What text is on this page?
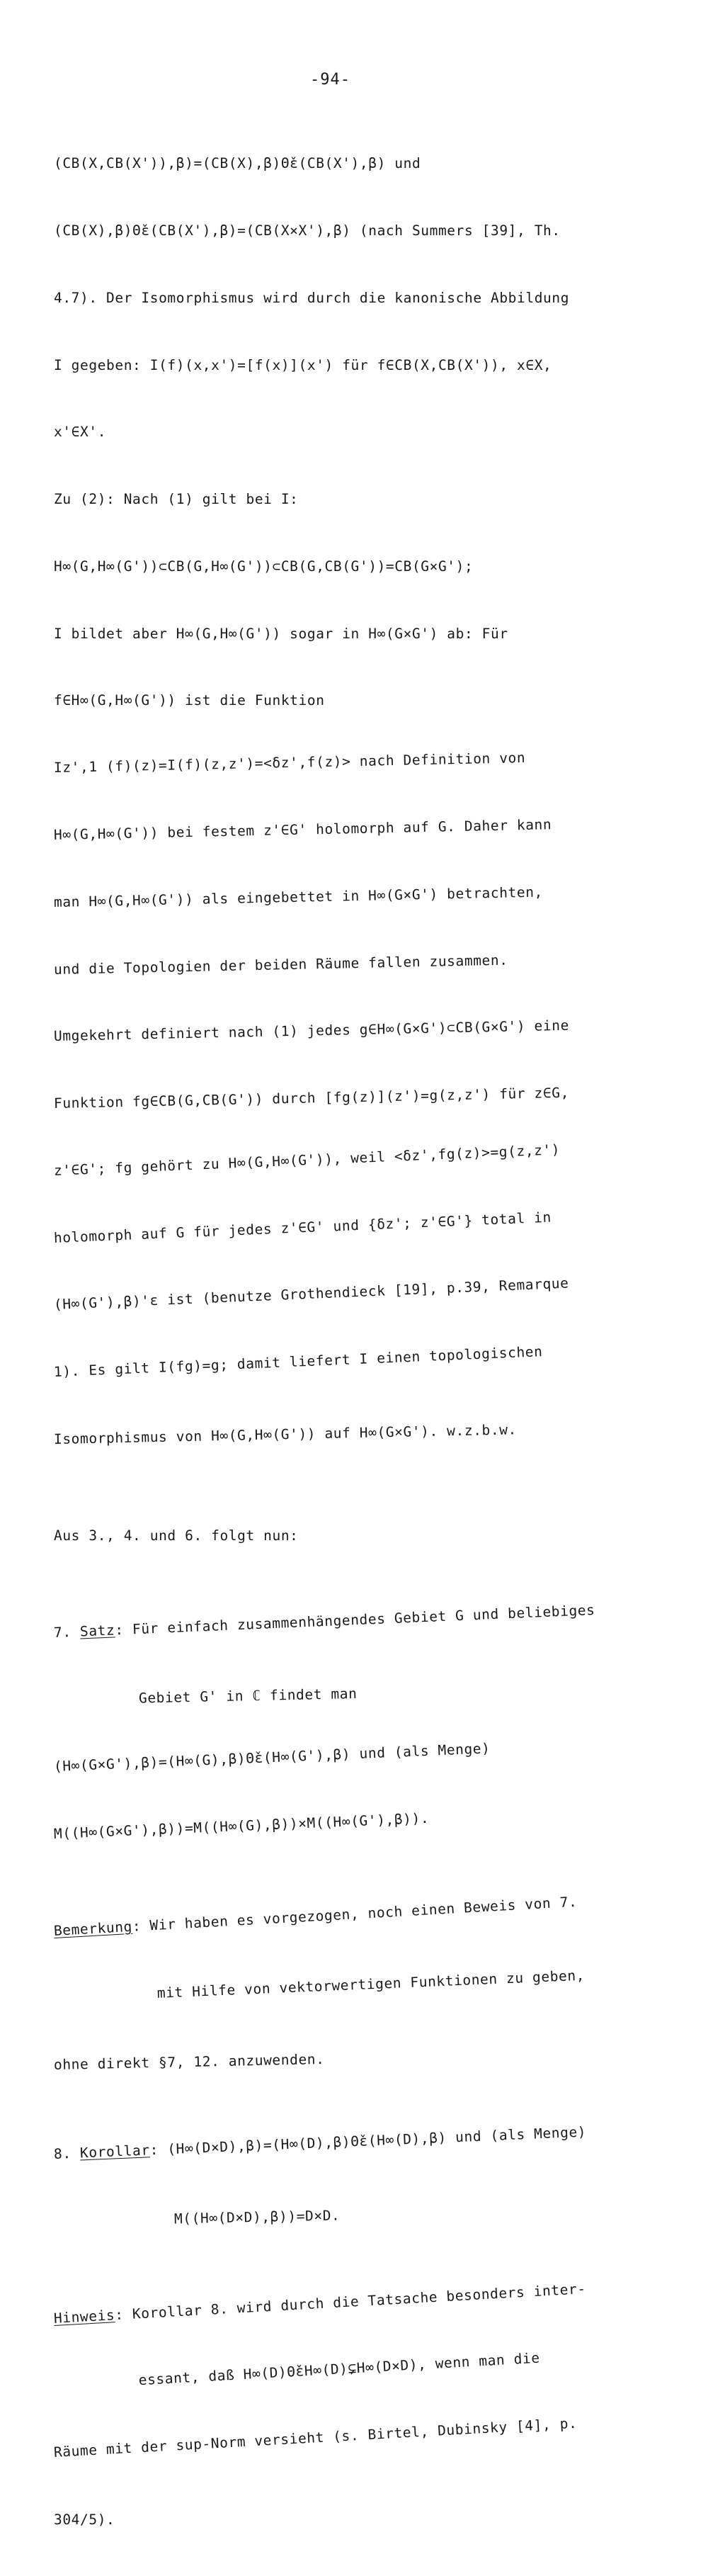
-94-

(CB(X,CB(X')),β)=(CB(X),β)Θ̌ε(CB(X'),β) und

(CB(X),β)Θ̌ε(CB(X'),β)=(CB(X×X'),β) (nach Summers [39], Th.

4.7). Der Isomorphismus wird durch die kanonische Abbildung

I gegeben: I(f)(x,x')=[f(x)](x') für f∈CB(X,CB(X')), x∈X,

x'∈X'.

Zu (2): Nach (1) gilt bei I:

H∞(G,H∞(G'))⊂CB(G,H∞(G'))⊂CB(G,CB(G'))=CB(G×G');

I bildet aber H∞(G,H∞(G')) sogar in H∞(G×G') ab: Für

f∈H∞(G,H∞(G')) ist die Funktion

Iz',1 (f)(z)=I(f)(z,z')=<δz',f(z)> nach Definition von

H∞(G,H∞(G')) bei festem z'∈G' holomorph auf G. Daher kann

man H∞(G,H∞(G')) als eingebettet in H∞(G×G') betrachten,

und die Topologien der beiden Räume fallen zusammen.

Umgekehrt definiert nach (1) jedes g∈H∞(G×G')⊂CB(G×G') eine

Funktion fg∈CB(G,CB(G')) durch [fg(z)](z')=g(z,z') für z∈G,

z'∈G'; fg gehört zu H∞(G,H∞(G')), weil <δz',fg(z)>=g(z,z')

holomorph auf G für jedes z'∈G' und {δz'; z'∈G'} total in

(H∞(G'),β)'ε ist (benutze Grothendieck [19], p.39, Remarque

1). Es gilt I(fg)=g; damit liefert I einen topologischen

Isomorphismus von H∞(G,H∞(G')) auf H∞(G×G'). w.z.b.w.

Aus 3., 4. und 6. folgt nun:

7. Satz: Für einfach zusammenhängendes Gebiet G und beliebiges

Gebiet G' in ℂ findet man

(H∞(G×G'),β)=(H∞(G),β)Θ̌ε(H∞(G'),β) und (als Menge)

M((H∞(G×G'),β))=M((H∞(G),β))×M((H∞(G'),β)).

Bemerkung: Wir haben es vorgezogen, noch einen Beweis von 7.

mit Hilfe von vektorwertigen Funktionen zu geben,

ohne direkt §7, 12. anzuwenden.

8. Korollar: (H∞(D×D),β)=(H∞(D),β)Θ̌ε(H∞(D),β) und (als Menge)

M((H∞(D×D),β))=D×D.

Hinweis: Korollar 8. wird durch die Tatsache besonders inter-

essant, daß H∞(D)Θ̌εH∞(D)⊊H∞(D×D), wenn man die

Räume mit der sup-Norm versieht (s. Birtel, Dubinsky [4], p.

304/5).
